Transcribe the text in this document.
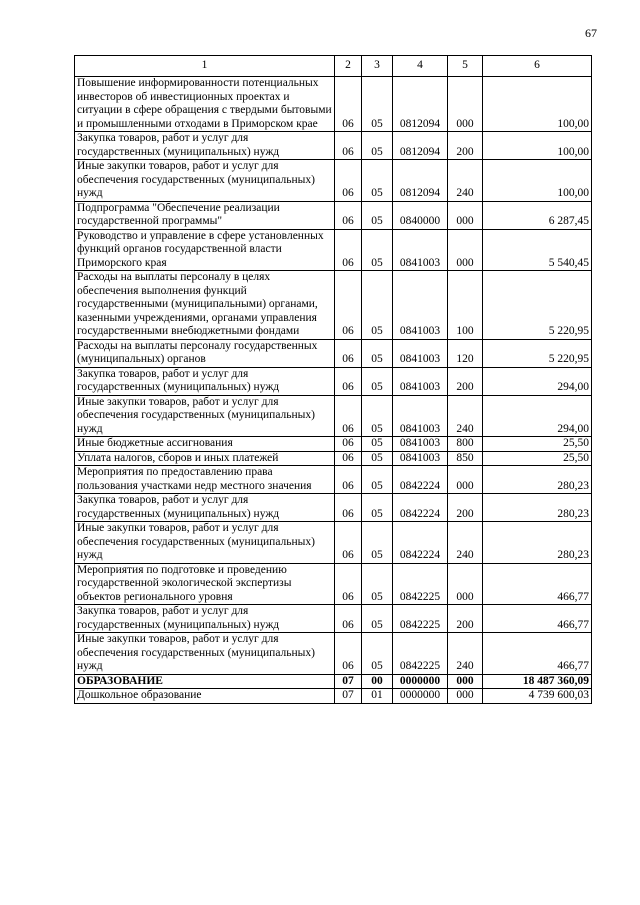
67
1	2	3	4	5	6
Повышение информированности потенциальных инвесторов об инвестиционных проектах и ситуации в сфере обращения с твердыми бытовыми и промышленными отходами в Приморском крае	06	05	0812094	000	100,00
Закупка товаров, работ и услуг для государственных (муниципальных) нужд	06	05	0812094	200	100,00
Иные закупки товаров, работ и услуг для обеспечения государственных (муниципальных) нужд	06	05	0812094	240	100,00
Подпрограмма "Обеспечение реализации государственной программы"	06	05	0840000	000	6 287,45
Руководство и управление в сфере установленных функций органов государственной власти Приморского края	06	05	0841003	000	5 540,45
Расходы на выплаты персоналу в целях обеспечения выполнения функций государственными (муниципальными) органами, казенными учреждениями, органами управления государственными внебюджетными фондами	06	05	0841003	100	5 220,95
Расходы на выплаты персоналу государственных (муниципальных) органов	06	05	0841003	120	5 220,95
Закупка товаров, работ и услуг для государственных (муниципальных) нужд	06	05	0841003	200	294,00
Иные закупки товаров, работ и услуг для обеспечения государственных (муниципальных) нужд	06	05	0841003	240	294,00
Иные бюджетные ассигнования	06	05	0841003	800	25,50
Уплата налогов, сборов и иных платежей	06	05	0841003	850	25,50
Мероприятия по предоставлению права пользования участками недр местного значения	06	05	0842224	000	280,23
Закупка товаров, работ и услуг для государственных (муниципальных) нужд	06	05	0842224	200	280,23
Иные закупки товаров, работ и услуг для обеспечения государственных (муниципальных) нужд	06	05	0842224	240	280,23
Мероприятия по подготовке и проведению государственной экологической экспертизы объектов регионального уровня	06	05	0842225	000	466,77
Закупка товаров, работ и услуг для государственных (муниципальных) нужд	06	05	0842225	200	466,77
Иные закупки товаров, работ и услуг для обеспечения государственных (муниципальных) нужд	06	05	0842225	240	466,77
ОБРАЗОВАНИЕ	07	00	0000000	000	18 487 360,09
Дошкольное образование	07	01	0000000	000	4 739 600,03
